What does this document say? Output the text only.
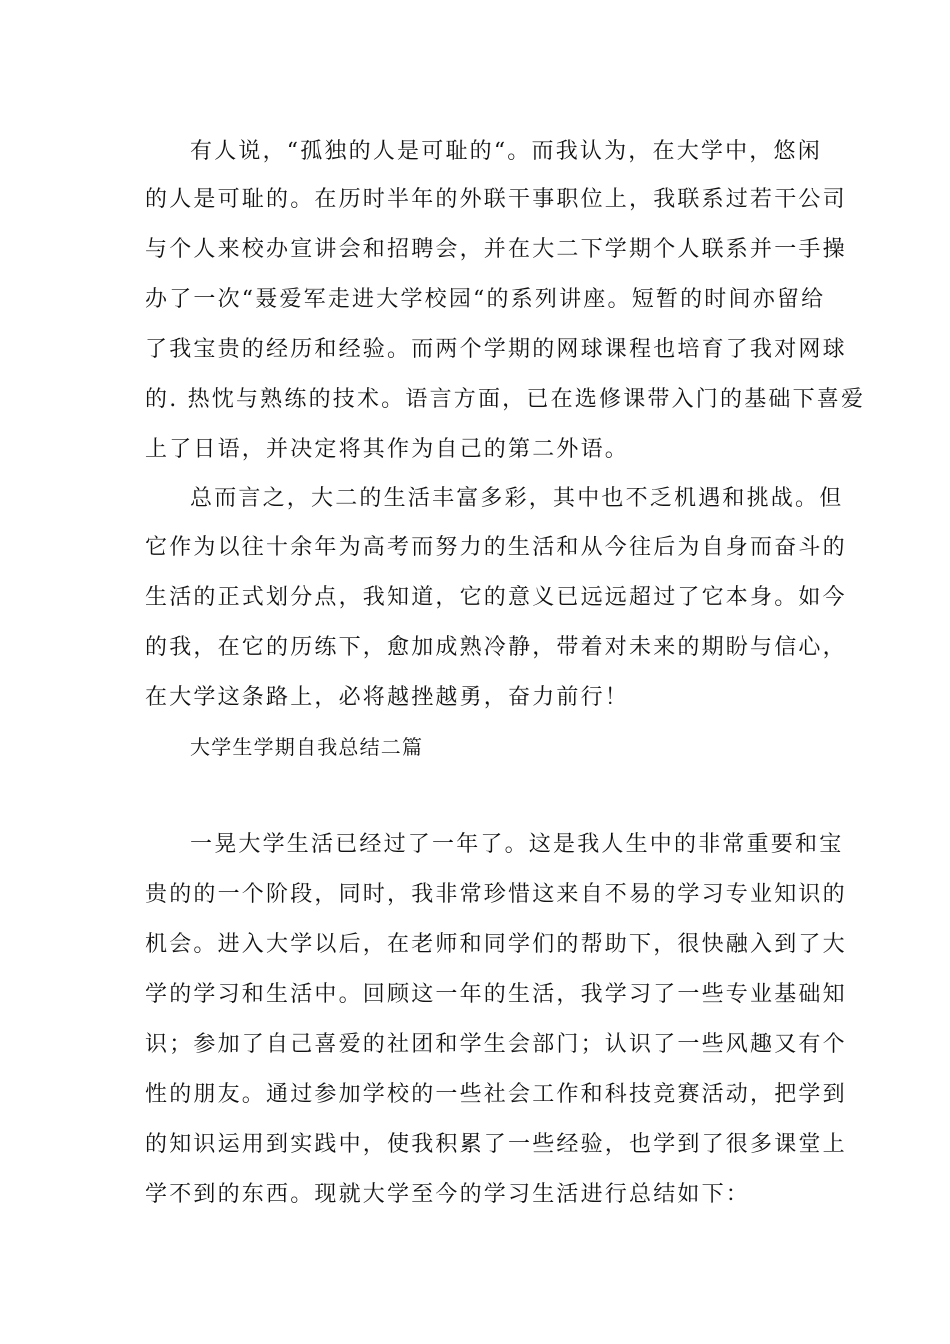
有人说，“孤独的人是可耻的“。而我认为，在大学中，悠闲
的人是可耻的。在历时半年的外联干事职位上，我联系过若干公司
与个人来校办宣讲会和招聘会，并在大二下学期个人联系并一手操
办了一次“聂爱军走进大学校园“的系列讲座。短暂的时间亦留给
了我宝贵的经历和经验。而两个学期的网球课程也培育了我对网球
的. 热忱与熟练的技术。语言方面，已在选修课带入门的基础下喜爱
上了日语，并决定将其作为自己的第二外语。
总而言之，大二的生活丰富多彩，其中也不乏机遇和挑战。但
它作为以往十余年为高考而努力的生活和从今往后为自身而奋斗的
生活的正式划分点，我知道，它的意义已远远超过了它本身。如今
的我，在它的历练下，愈加成熟冷静，带着对未来的期盼与信心，
在大学这条路上，必将越挫越勇，奋力前行！
大学生学期自我总结二篇
一晃大学生活已经过了一年了。这是我人生中的非常重要和宝
贵的的一个阶段，同时，我非常珍惜这来自不易的学习专业知识的
机会。进入大学以后，在老师和同学们的帮助下，很快融入到了大
学的学习和生活中。回顾这一年的生活，我学习了一些专业基础知
识；参加了自己喜爱的社团和学生会部门；认识了一些风趣又有个
性的朋友。通过参加学校的一些社会工作和科技竞赛活动，把学到
的知识运用到实践中，使我积累了一些经验，也学到了很多课堂上
学不到的东西。现就大学至今的学习生活进行总结如下：
